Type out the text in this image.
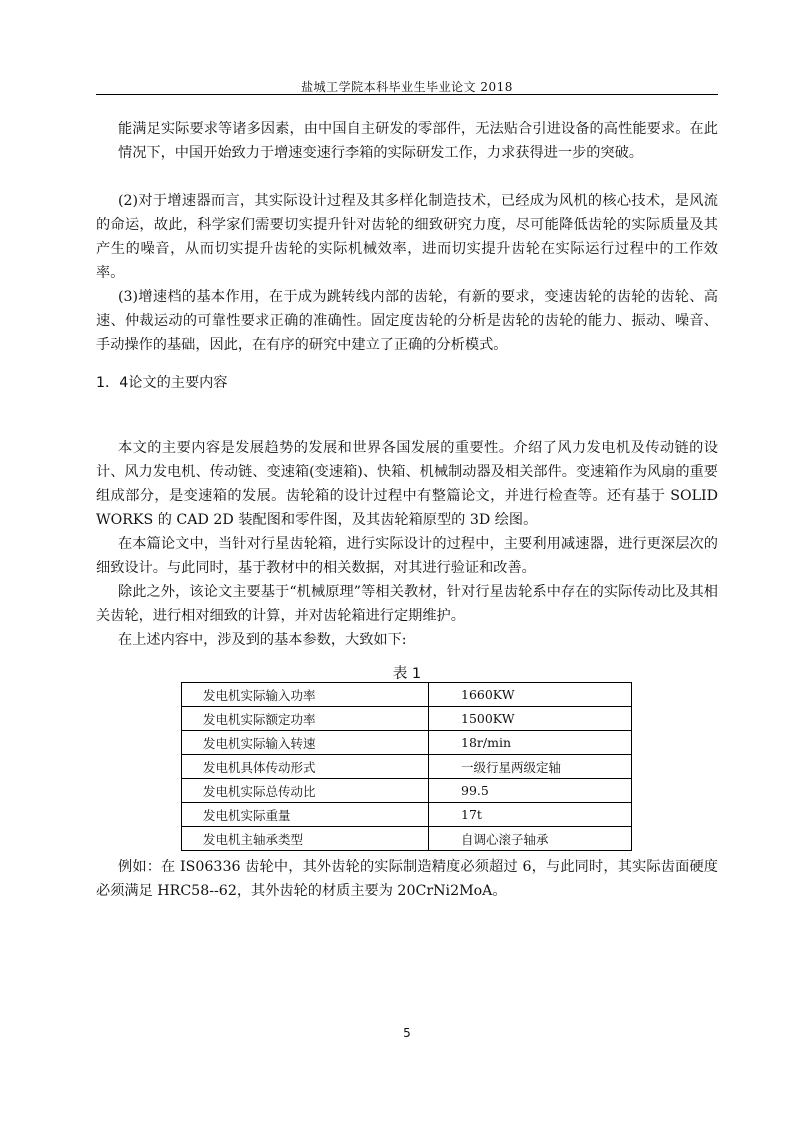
盐城工学院本科毕业生毕业论文 2018

能满足实际要求等诸多因素，由中国自主研发的零部件，无法贴合引进设备的高性能要求。在此情况下，中国开始致力于增速变速行李箱的实际研发工作，力求获得进一步的突破。

(2)对于增速器而言，其实际设计过程及其多样化制造技术，已经成为风机的核心技术，是风流的命运，故此，科学家们需要切实提升针对齿轮的细致研究力度，尽可能降低齿轮的实际质量及其产生的噪音，从而切实提升齿轮的实际机械效率，进而切实提升齿轮在实际运行过程中的工作效率。

(3)增速档的基本作用，在于成为跳转线内部的齿轮，有新的要求，变速齿轮的齿轮的齿轮、高速、仲裁运动的可靠性要求正确的准确性。固定度齿轮的分析是齿轮的齿轮的能力、振动、噪音、手动操作的基础，因此，在有序的研究中建立了正确的分析模式。

1．4论文的主要内容

本文的主要内容是发展趋势的发展和世界各国发展的重要性。介绍了风力发电机及传动链的设计、风力发电机、传动链、变速箱(变速箱)、快箱、机械制动器及相关部件。变速箱作为风扇的重要组成部分，是变速箱的发展。齿轮箱的设计过程中有整篇论文，并进行检查等。还有基于 SOLID WORKS 的 CAD 2D 装配图和零件图，及其齿轮箱原型的 3D 绘图。

在本篇论文中，当针对行星齿轮箱，进行实际设计的过程中，主要利用减速器，进行更深层次的细致设计。与此同时，基于教材中的相关数据，对其进行验证和改善。

除此之外，该论文主要基于“机械原理”等相关教材，针对行星齿轮系中存在的实际传动比及其相关齿轮，进行相对细致的计算，并对齿轮箱进行定期维护。

在上述内容中，涉及到的基本参数，大致如下:

表 1
发电机实际输入功率	1660KW
发电机实际额定功率	1500KW
发电机实际输入转速	18r/min
发电机具体传动形式	一级行星两级定轴
发电机实际总传动比	99.5
发电机实际重量	17t
发电机主轴承类型	自调心滚子轴承

例如：在 IS06336 齿轮中，其外齿轮的实际制造精度必须超过 6，与此同时，其实际齿面硬度必须满足 HRC58--62，其外齿轮的材质主要为 20CrNi2MoA。

5
